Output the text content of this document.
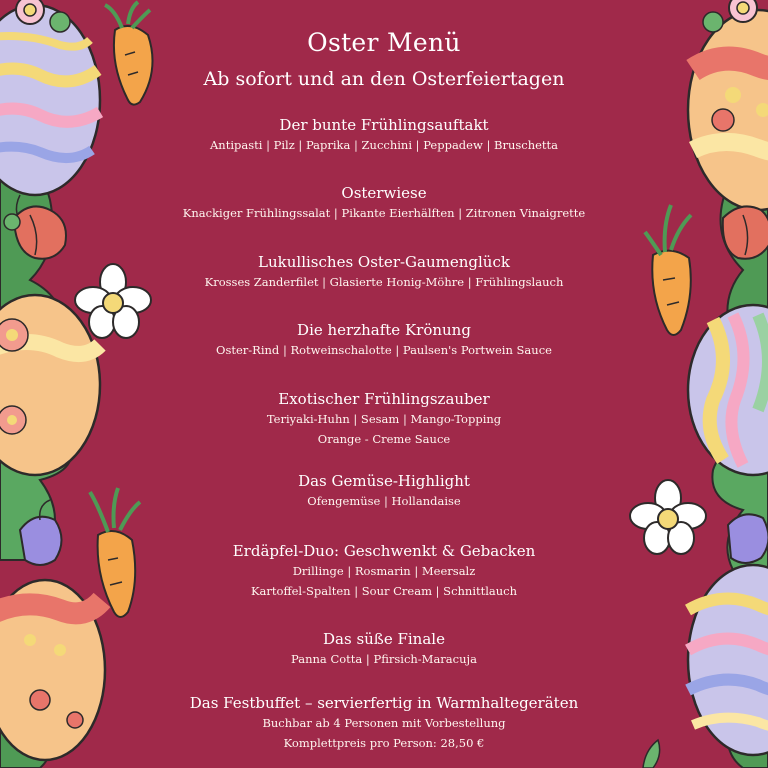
Oster Menü
Ab sofort und an den Osterfeiertagen
Der bunte Frühlingsauftakt
Antipasti | Pilz | Paprika | Zucchini | Peppadew | Bruschetta
Osterwiese
Knackiger Frühlingssalat | Pikante Eierhälften | Zitronen Vinaigrette
Lukullisches Oster-Gaumenglück
Krosses Zanderfilet | Glasierte Honig-Möhre | Frühlingslauch
Die herzhafte Krönung
Oster-Rind | Rotweinschalotte | Paulsen's Portwein Sauce
Exotischer Frühlingszauber
Teriyaki-Huhn | Sesam | Mango-Topping
Orange - Creme Sauce
Das Gemüse-Highlight
Ofengemüse | Hollandaise
Erdäpfel-Duo: Geschwenkt & Gebacken
Drillinge | Rosmarin | Meersalz
Kartoffel-Spalten | Sour Cream | Schnittlauch
Das süße Finale
Panna Cotta | Pfirsich-Maracuja
Das Festbuffet – servierfertig in Warmhaltegeräten
Buchbar ab 4 Personen mit Vorbestellung
Komplettpreis pro Person: 28,50 €
